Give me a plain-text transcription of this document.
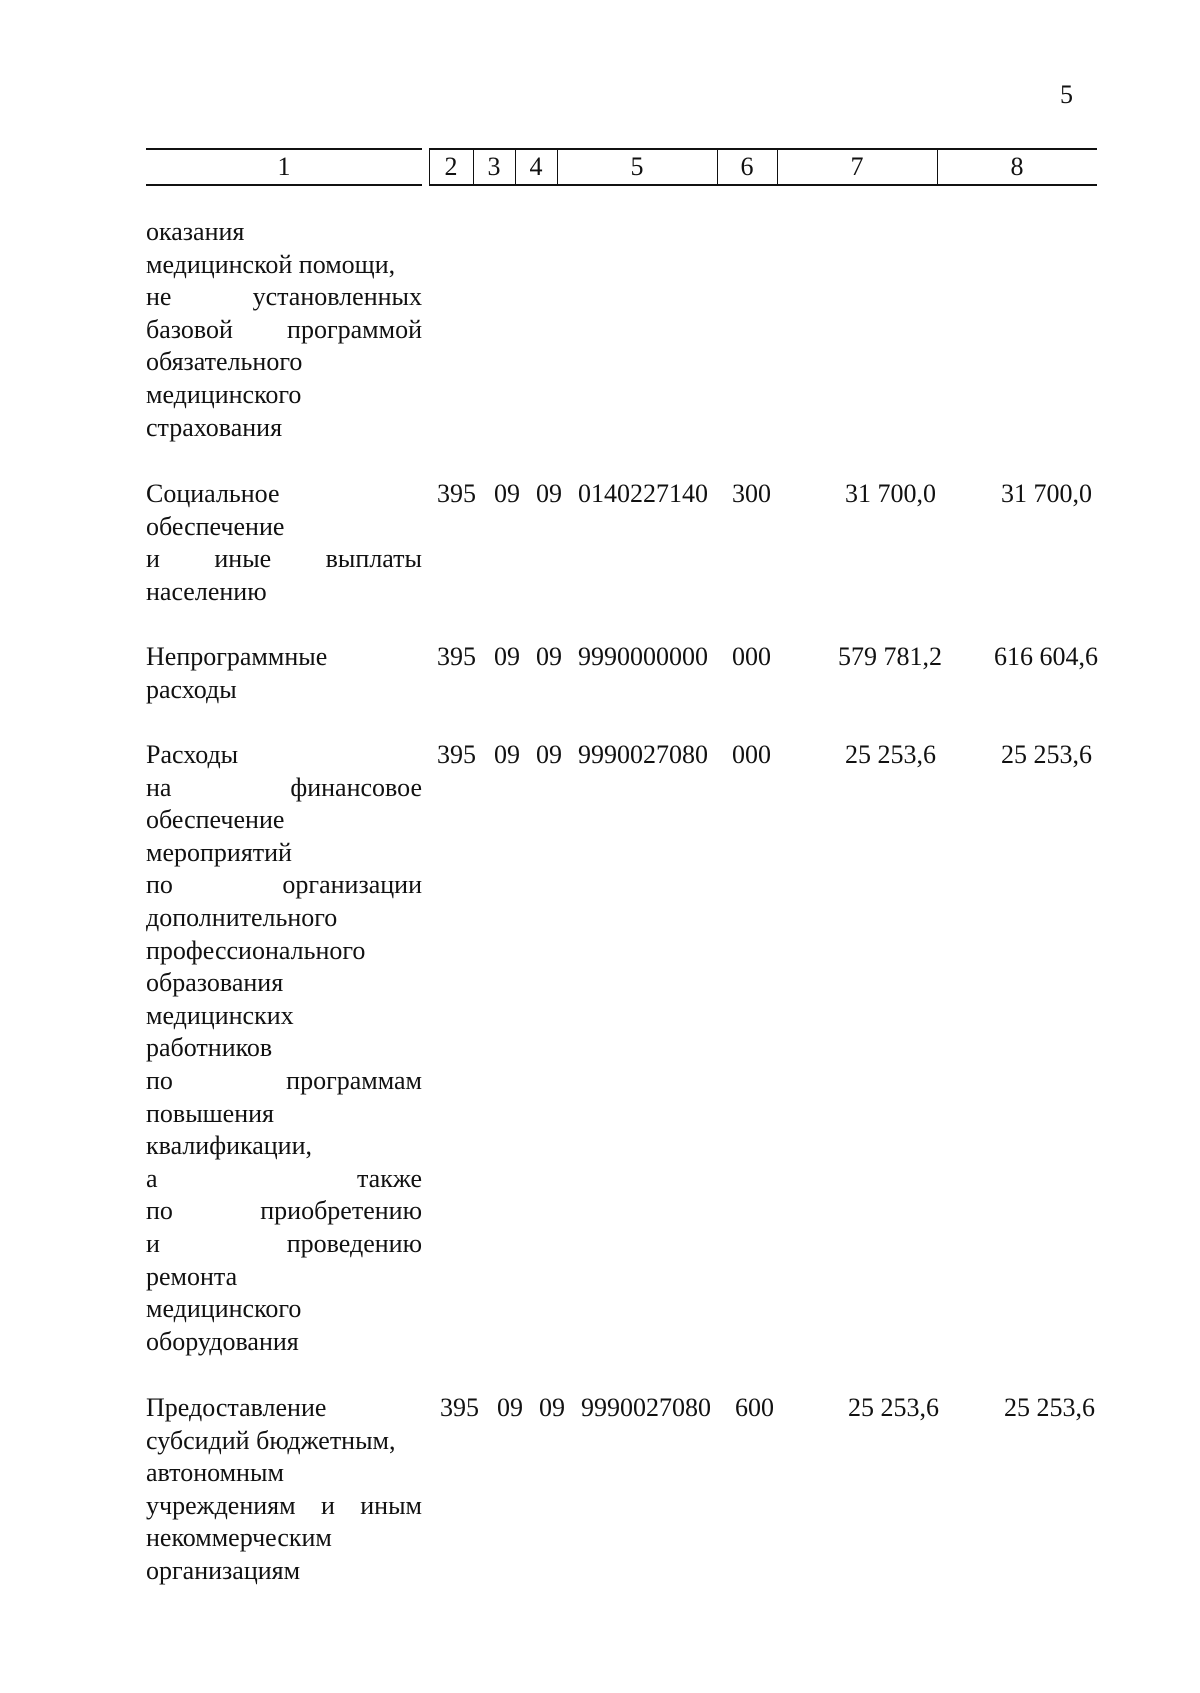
5
1	2	3	4	5	6	7	8
оказания
медицинской помощи,
не установленных
базовой программой
обязательного
медицинского
страхования
Социальное
обеспечение
и иные выплаты
населению
395 09 09 0140227140 300	31 700,0	31 700,0
Непрограммные
расходы
395 09 09 9990000000 000	579 781,2	616 604,6
Расходы
на финансовое
обеспечение
мероприятий
по организации
дополнительного
профессионального
образования
медицинских
работников
по программам
повышения
квалификации,
а также
по приобретению
и проведению
ремонта
медицинского
оборудования
395 09 09 9990027080 000	25 253,6	25 253,6
Предоставление
субсидий бюджетным,
автономным
учреждениям и иным
некоммерческим
организациям
395 09 09 9990027080 600	25 253,6	25 253,6
